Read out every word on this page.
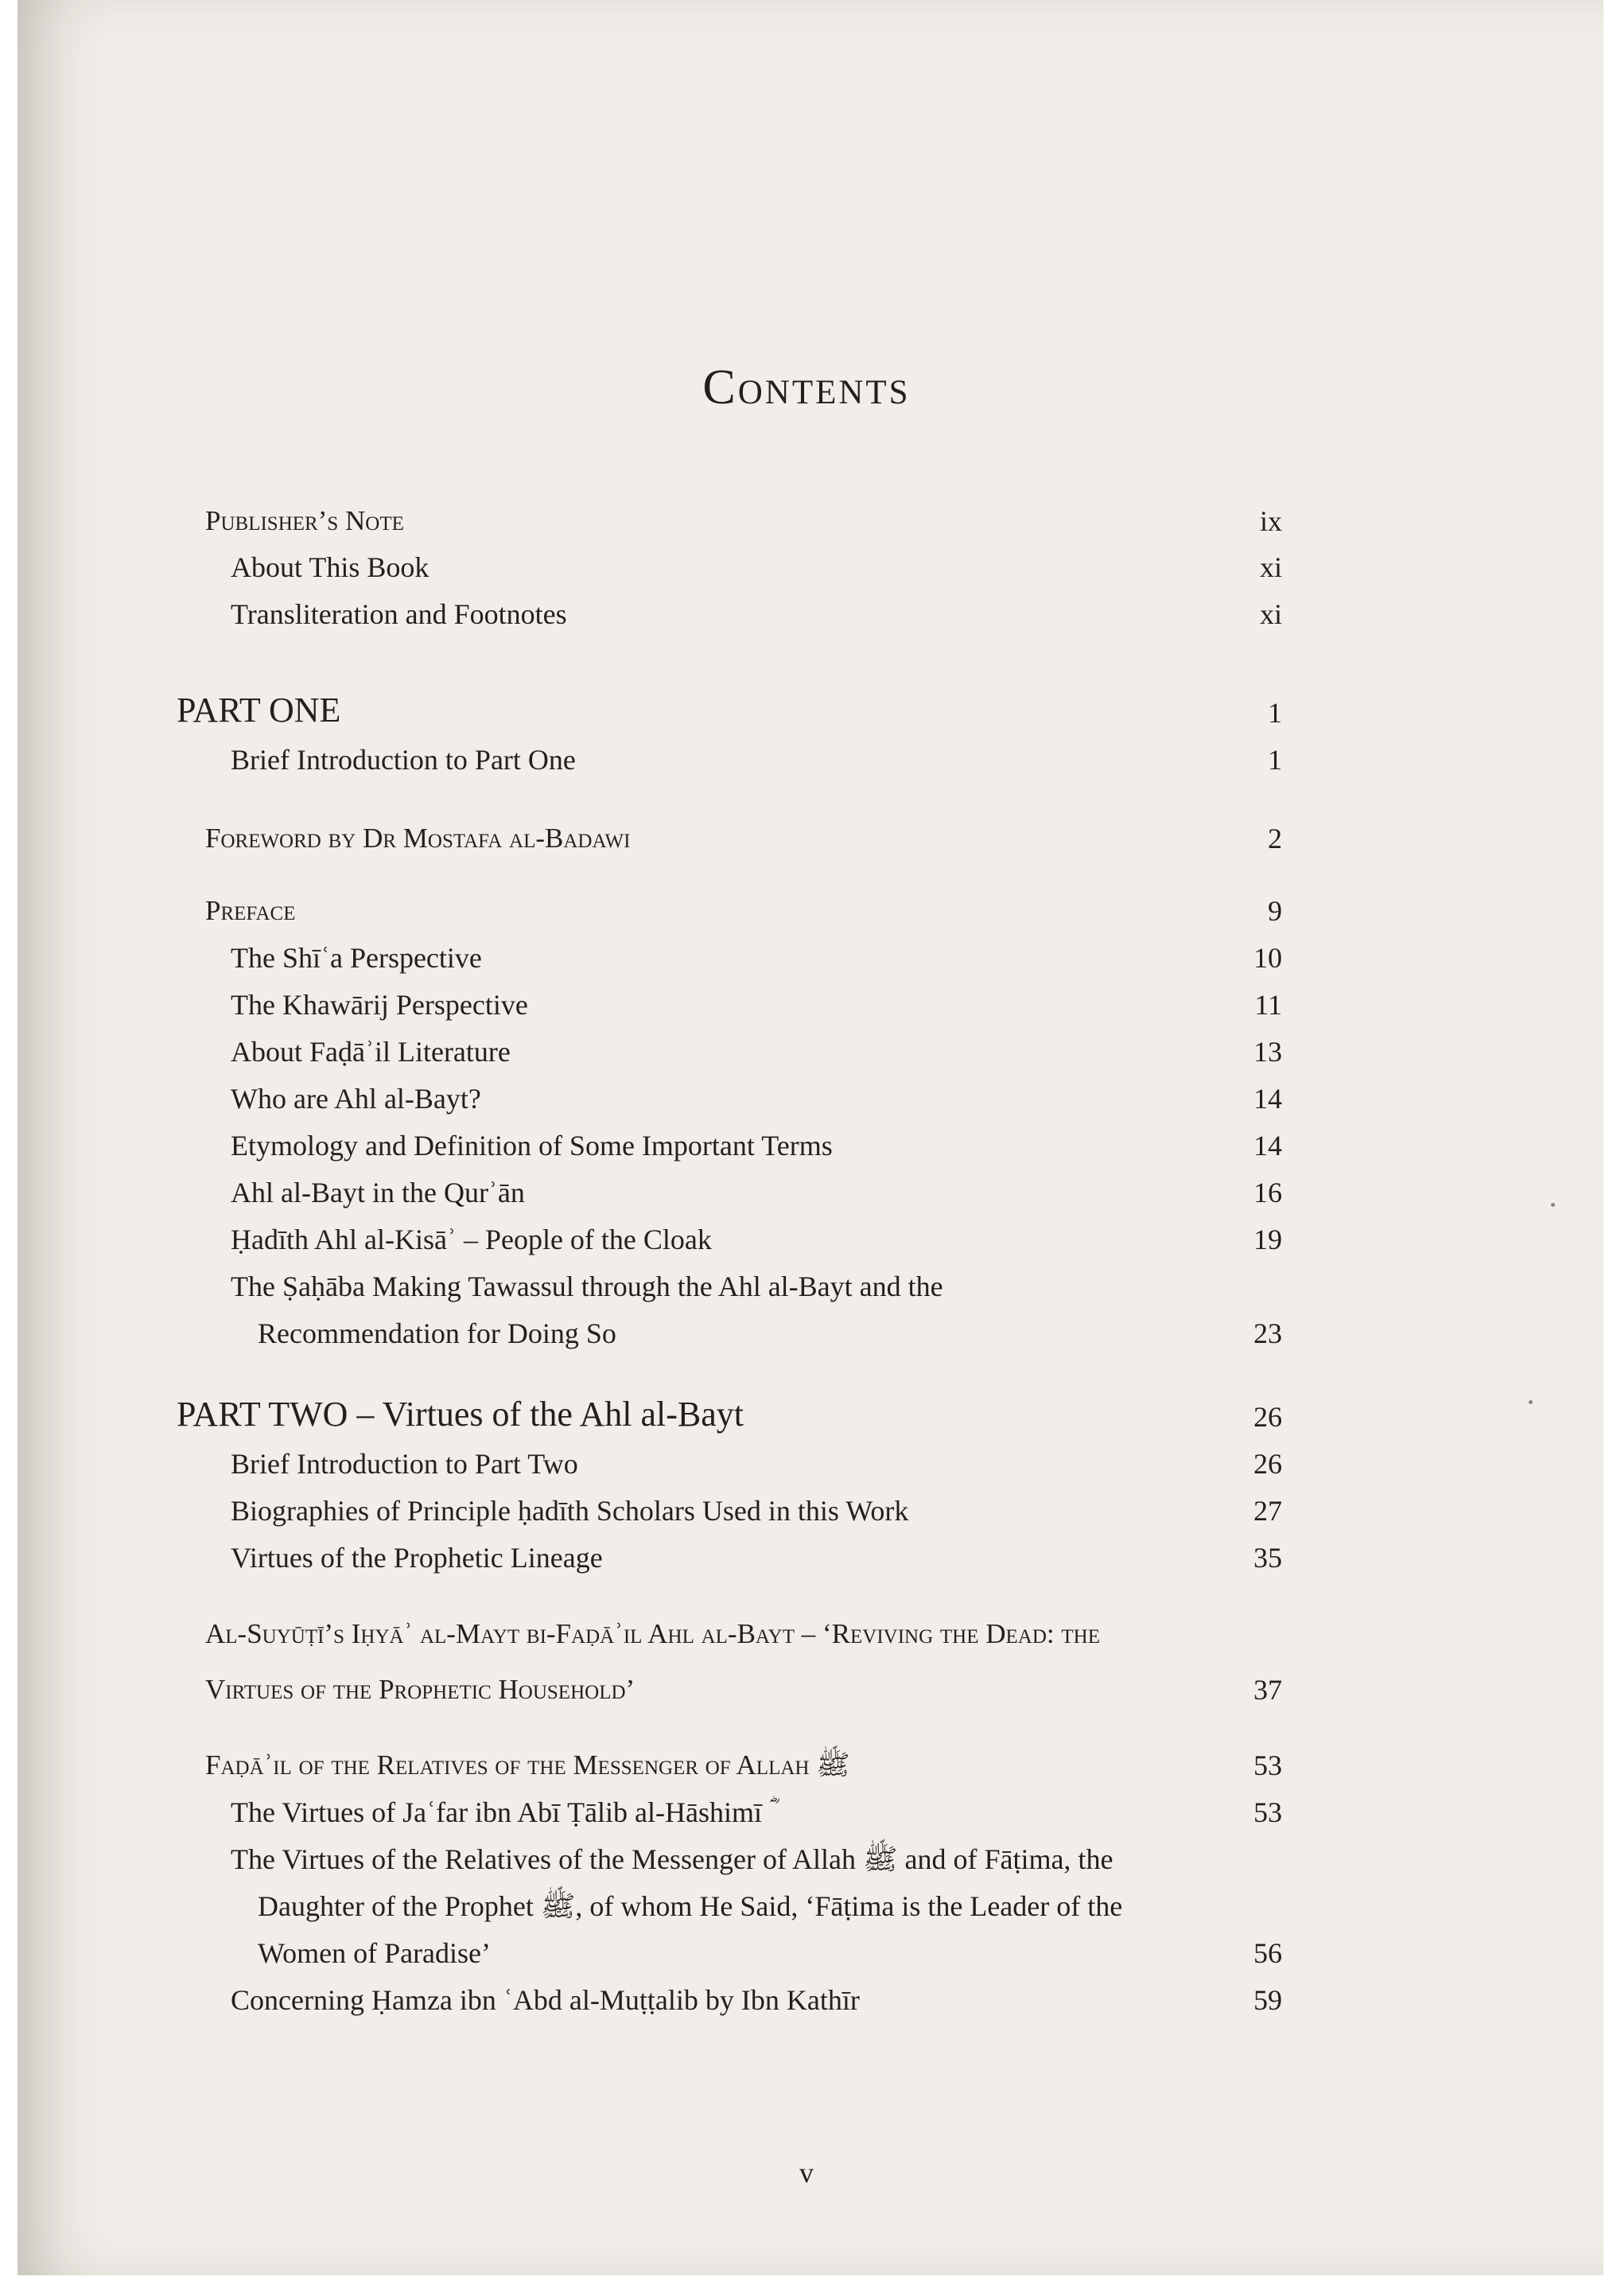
Contents
Publisher’s Note	ix
About This Book	xi
Transliteration and Footnotes	xi
PART ONE	1
Brief Introduction to Part One	1
Foreword by Dr Mostafa al-Badawi	2
Preface	9
The Shīʿa Perspective	10
The Khawārij Perspective	11
About Faḍāʾil Literature	13
Who are Ahl al-Bayt?	14
Etymology and Definition of Some Important Terms	14
Ahl al-Bayt in the Qurʾān	16
Ḥadīth Ahl al-Kisāʾ – People of the Cloak	19
The Ṣaḥāba Making Tawassul through the Ahl al-Bayt and the
Recommendation for Doing So	23
PART TWO – Virtues of the Ahl al-Bayt	26
Brief Introduction to Part Two	26
Biographies of Principle ḥadīth Scholars Used in this Work	27
Virtues of the Prophetic Lineage	35
Al-Suyūṭī’s Iḥyāʾ al-Mayt bi-Faḍāʾil Ahl al-Bayt – ‘Reviving the Dead: the
Virtues of the Prophetic Household’	37
Faḍāʾil of the Relatives of the Messenger of Allah ﷺ	53
The Virtues of Jaʿfar ibn Abī Ṭālib al-Hāshimī ؓ	53
The Virtues of the Relatives of the Messenger of Allah ﷺ and of Fāṭima, the
Daughter of the Prophet ﷺ, of whom He Said, ‘Fāṭima is the Leader of the
Women of Paradise’	56
Concerning Ḥamza ibn ʿAbd al-Muṭṭalib by Ibn Kathīr	59
v
